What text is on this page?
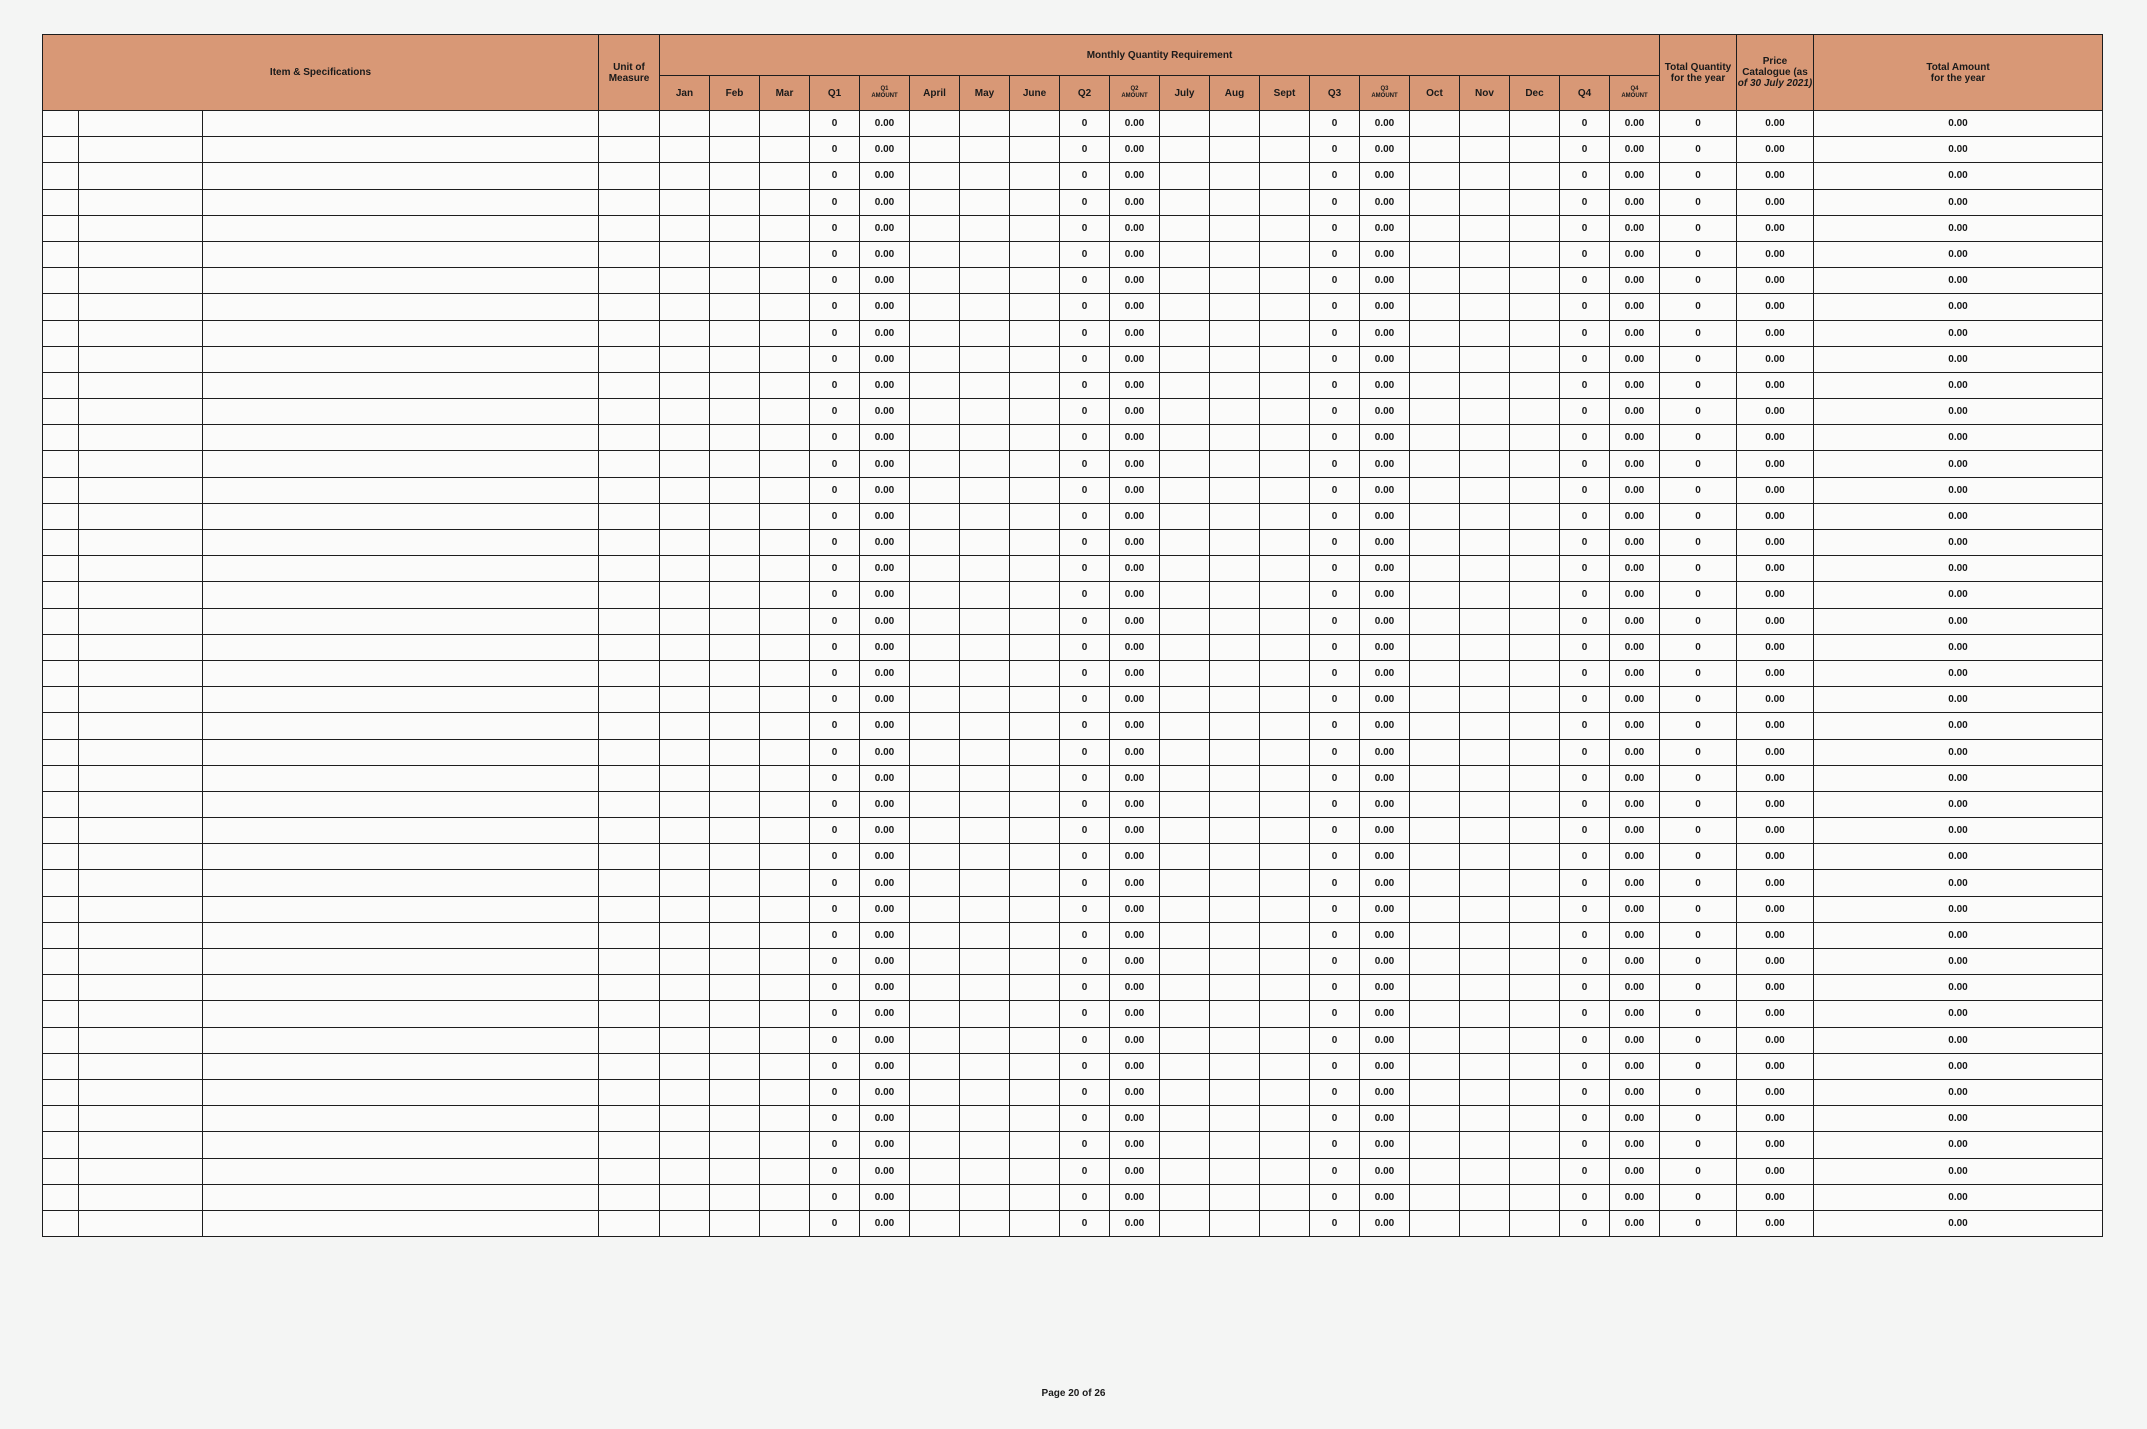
Item & Specifications			Unit of
Measure	Monthly Quantity Requirement																				Total Quantity
for the year	Price
Catalogue (as
of 30 July 2021)	Total Amount
for the year
				Jan	Feb	Mar	Q1	Q1
AMOUNT	April	May	June	Q2	Q2
AMOUNT	July	Aug	Sept	Q3	Q3
AMOUNT	Oct	Nov	Dec	Q4	Q4
AMOUNT			

							0	0.00				0	0.00				0	0.00				0	0.00	0	0.00	0.00
							0	0.00				0	0.00				0	0.00				0	0.00	0	0.00	0.00
							0	0.00				0	0.00				0	0.00				0	0.00	0	0.00	0.00
							0	0.00				0	0.00				0	0.00				0	0.00	0	0.00	0.00
							0	0.00				0	0.00				0	0.00				0	0.00	0	0.00	0.00
							0	0.00				0	0.00				0	0.00				0	0.00	0	0.00	0.00
							0	0.00				0	0.00				0	0.00				0	0.00	0	0.00	0.00
							0	0.00				0	0.00				0	0.00				0	0.00	0	0.00	0.00
							0	0.00				0	0.00				0	0.00				0	0.00	0	0.00	0.00
							0	0.00				0	0.00				0	0.00				0	0.00	0	0.00	0.00
							0	0.00				0	0.00				0	0.00				0	0.00	0	0.00	0.00
							0	0.00				0	0.00				0	0.00				0	0.00	0	0.00	0.00
							0	0.00				0	0.00				0	0.00				0	0.00	0	0.00	0.00
							0	0.00				0	0.00				0	0.00				0	0.00	0	0.00	0.00
							0	0.00				0	0.00				0	0.00				0	0.00	0	0.00	0.00
							0	0.00				0	0.00				0	0.00				0	0.00	0	0.00	0.00
							0	0.00				0	0.00				0	0.00				0	0.00	0	0.00	0.00
							0	0.00				0	0.00				0	0.00				0	0.00	0	0.00	0.00
							0	0.00				0	0.00				0	0.00				0	0.00	0	0.00	0.00
							0	0.00				0	0.00				0	0.00				0	0.00	0	0.00	0.00
							0	0.00				0	0.00				0	0.00				0	0.00	0	0.00	0.00
							0	0.00				0	0.00				0	0.00				0	0.00	0	0.00	0.00
							0	0.00				0	0.00				0	0.00				0	0.00	0	0.00	0.00
							0	0.00				0	0.00				0	0.00				0	0.00	0	0.00	0.00
							0	0.00				0	0.00				0	0.00				0	0.00	0	0.00	0.00
							0	0.00				0	0.00				0	0.00				0	0.00	0	0.00	0.00
							0	0.00				0	0.00				0	0.00				0	0.00	0	0.00	0.00
							0	0.00				0	0.00				0	0.00				0	0.00	0	0.00	0.00
							0	0.00				0	0.00				0	0.00				0	0.00	0	0.00	0.00
							0	0.00				0	0.00				0	0.00				0	0.00	0	0.00	0.00
							0	0.00				0	0.00				0	0.00				0	0.00	0	0.00	0.00
							0	0.00				0	0.00				0	0.00				0	0.00	0	0.00	0.00
							0	0.00				0	0.00				0	0.00				0	0.00	0	0.00	0.00
							0	0.00				0	0.00				0	0.00				0	0.00	0	0.00	0.00
							0	0.00				0	0.00				0	0.00				0	0.00	0	0.00	0.00
							0	0.00				0	0.00				0	0.00				0	0.00	0	0.00	0.00
							0	0.00				0	0.00				0	0.00				0	0.00	0	0.00	0.00
							0	0.00				0	0.00				0	0.00				0	0.00	0	0.00	0.00
							0	0.00				0	0.00				0	0.00				0	0.00	0	0.00	0.00
							0	0.00				0	0.00				0	0.00				0	0.00	0	0.00	0.00
							0	0.00				0	0.00				0	0.00				0	0.00	0	0.00	0.00
							0	0.00				0	0.00				0	0.00				0	0.00	0	0.00	0.00
							0	0.00				0	0.00				0	0.00				0	0.00	0	0.00	0.00
Page 20 of 26
